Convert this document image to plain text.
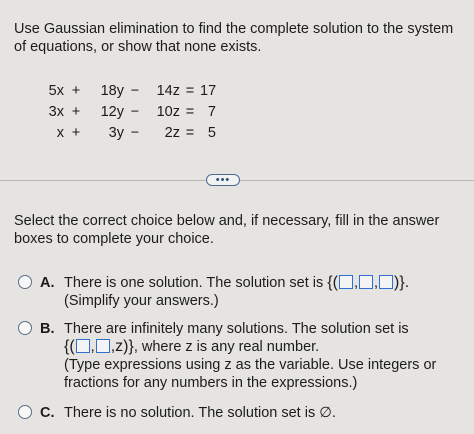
Use Gaussian elimination to find the complete solution to the system of equations, or show that none exists.
5x +	18y −	14z = 17
3x +	12y −	10z = 7
x +	3y −	2z = 5
•••
Select the correct choice below and, if necessary, fill in the answer boxes to complete your choice.
A. There is one solution. The solution set is {( , , )}.
(Simplify your answers.)
B. There are infinitely many solutions. The solution set is
{( , ,z)}, where z is any real number.
(Type expressions using z as the variable. Use integers or fractions for any numbers in the expressions.)
C. There is no solution. The solution set is ∅.
